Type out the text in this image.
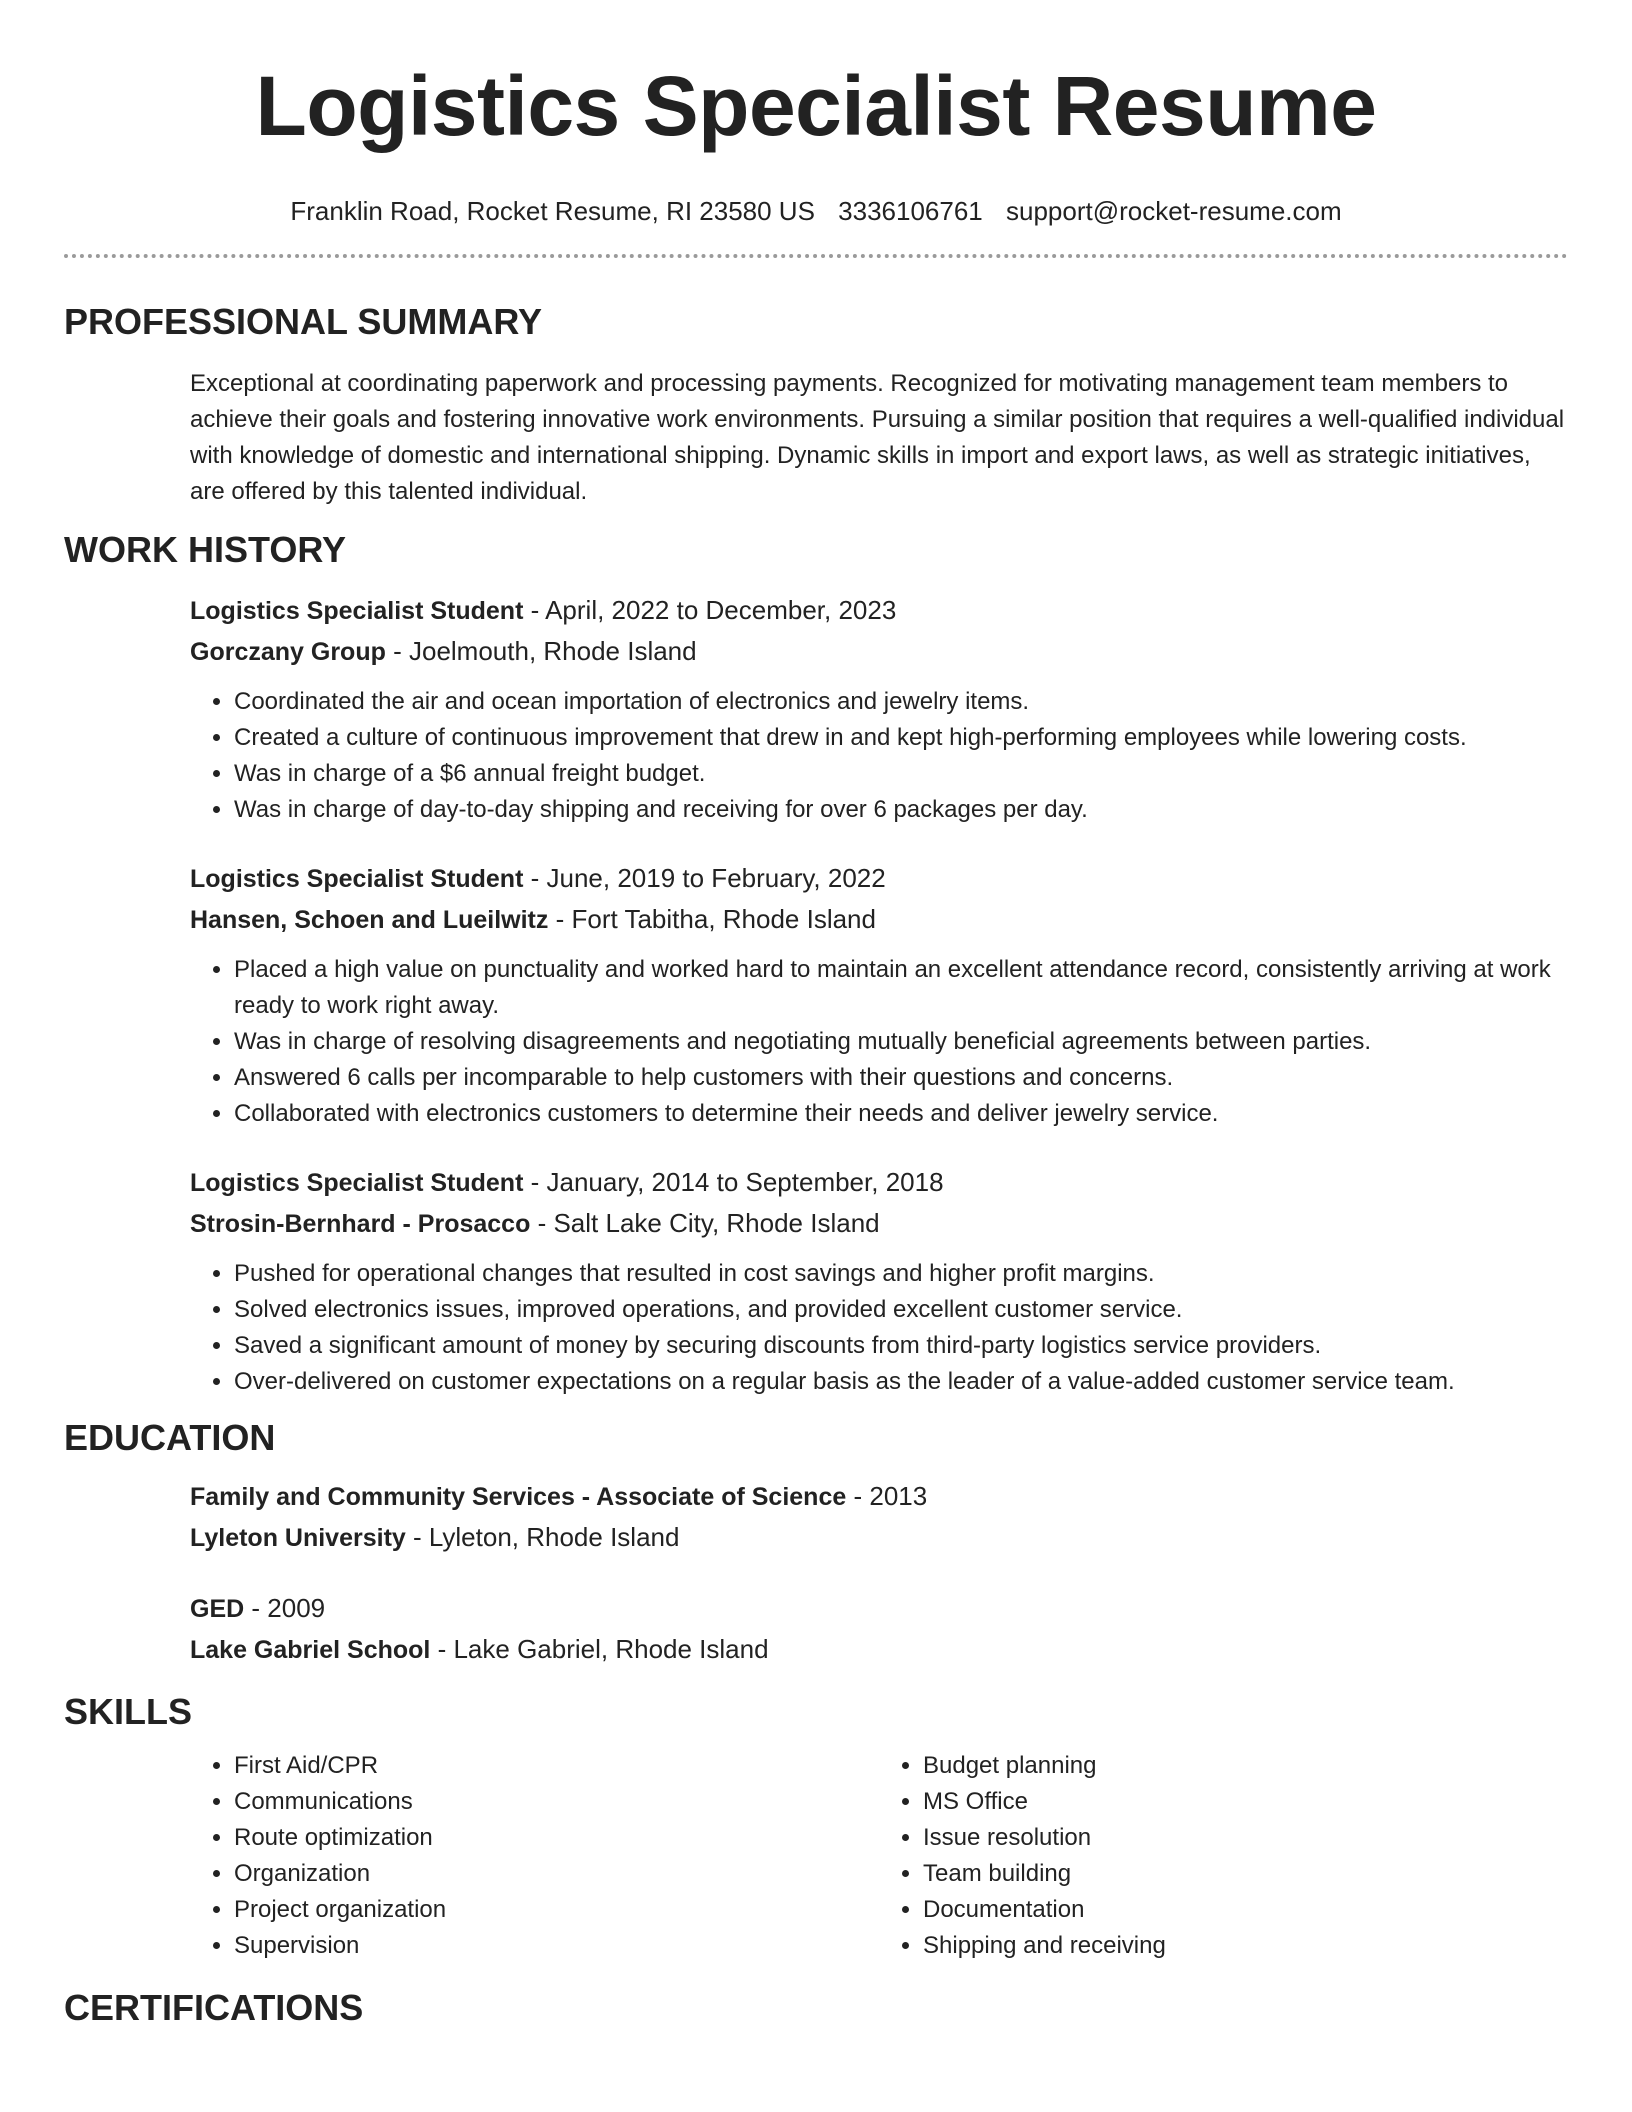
Logistics Specialist Resume
Franklin Road, Rocket Resume, RI 23580 US 3336106761 support@rocket-resume.com
PROFESSIONAL SUMMARY

Exceptional at coordinating paperwork and processing payments. Recognized for motivating management team members to achieve their goals and fostering innovative work environments. Pursuing a similar position that requires a well-qualified individual with knowledge of domestic and international shipping. Dynamic skills in import and export laws, as well as strategic initiatives, are offered by this talented individual.

WORK HISTORY
Logistics Specialist Student - April, 2022 to December, 2023
Gorczany Group - Joelmouth, Rhode Island
• Coordinated the air and ocean importation of electronics and jewelry items.
• Created a culture of continuous improvement that drew in and kept high-performing employees while lowering costs.
• Was in charge of a $6 annual freight budget.
• Was in charge of day-to-day shipping and receiving for over 6 packages per day.
Logistics Specialist Student - June, 2019 to February, 2022
Hansen, Schoen and Lueilwitz - Fort Tabitha, Rhode Island
• Placed a high value on punctuality and worked hard to maintain an excellent attendance record, consistently arriving at work ready to work right away.
• Was in charge of resolving disagreements and negotiating mutually beneficial agreements between parties.
• Answered 6 calls per incomparable to help customers with their questions and concerns.
• Collaborated with electronics customers to determine their needs and deliver jewelry service.
Logistics Specialist Student - January, 2014 to September, 2018
Strosin-Bernhard - Prosacco - Salt Lake City, Rhode Island
• Pushed for operational changes that resulted in cost savings and higher profit margins.
• Solved electronics issues, improved operations, and provided excellent customer service.
• Saved a significant amount of money by securing discounts from third-party logistics service providers.
• Over-delivered on customer expectations on a regular basis as the leader of a value-added customer service team.
EDUCATION
Family and Community Services - Associate of Science - 2013
Lyleton University - Lyleton, Rhode Island
GED - 2009
Lake Gabriel School - Lake Gabriel, Rhode Island
SKILLS
• First Aid/CPR
• Communications
• Route optimization
• Organization
• Project organization
• Supervision
• Budget planning
• MS Office
• Issue resolution
• Team building
• Documentation
• Shipping and receiving
CERTIFICATIONS
